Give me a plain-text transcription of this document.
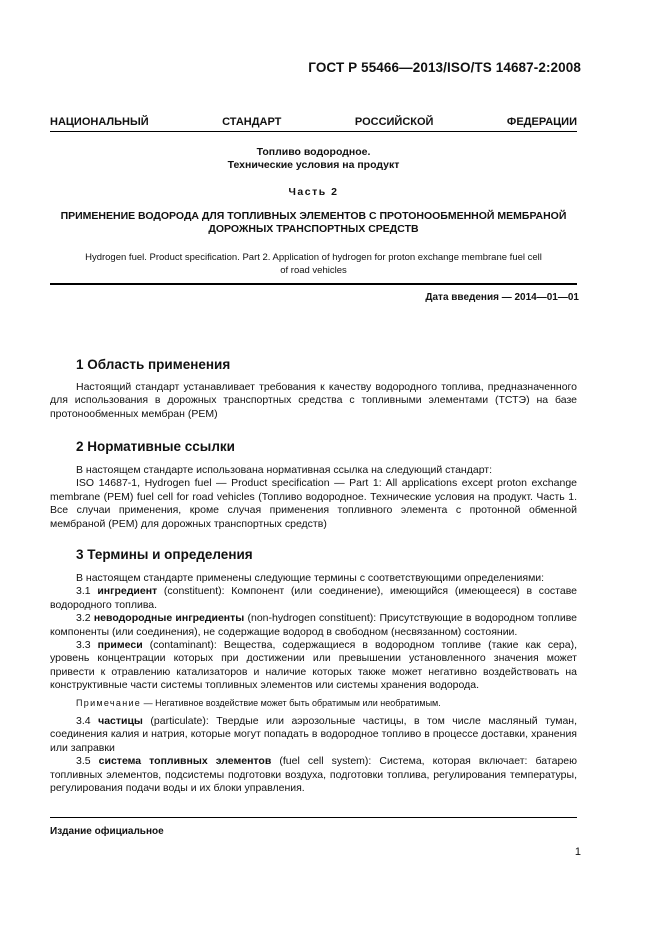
ГОСТ Р 55466—2013/ISO/TS 14687-2:2008
НАЦИОНАЛЬНЫЙ СТАНДАРТ РОССИЙСКОЙ ФЕДЕРАЦИИ
Топливо водородное.
Технические условия на продукт
Часть 2
ПРИМЕНЕНИЕ ВОДОРОДА ДЛЯ ТОПЛИВНЫХ ЭЛЕМЕНТОВ С ПРОТОНООБМЕННОЙ МЕМБРАНОЙ
ДОРОЖНЫХ ТРАНСПОРТНЫХ СРЕДСТВ
Hydrogen fuel. Product specification. Part 2. Application of hydrogen for proton exchange membrane fuel cell
of road vehicles
Дата введения — 2014—01—01
1 Область применения

Настоящий стандарт устанавливает требования к качеству водородного топлива, предназначенного для использования в дорожных транспортных средства с топливными элементами (ТСТЭ) на базе протонообменных мембран (PEM)

2 Нормативные ссылки

В настоящем стандарте использована нормативная ссылка на следующий стандарт:

ISO 14687-1, Hydrogen fuel — Product specification — Part 1: All applications except proton exchange membrane (PEM) fuel cell for road vehicles (Топливо водородное. Технические условия на продукт. Часть 1. Все случаи применения, кроме случая применения топливного элемента с протонной обменной мембраной (PEM) для дорожных транспортных средств)

3 Термины и определения

В настоящем стандарте применены следующие термины с соответствующими определениями:

3.1 ингредиент (constituent): Компонент (или соединение), имеющийся (имеющееся) в составе водородного топлива.

3.2 неводородные ингредиенты (non-hydrogen constituent): Присутствующие в водородном топливе компоненты (или соединения), не содержащие водород в свободном (несвязанном) состоянии.

3.3 примеси (contaminant): Вещества, содержащиеся в водородном топливе (такие как сера), уровень концентрации которых при достижении или превышении установленного значения может привести к отравлению катализаторов и наличие которых также может негативно воздействовать на конструктивные части системы топливных элементов или системы хранения водорода.

Примечание — Негативное воздействие может быть обратимым или необратимым.

3.4 частицы (particulate): Твердые или аэрозольные частицы, в том числе масляный туман, соединения калия и натрия, которые могут попадать в водородное топливо в процессе доставки, хранения или заправки

3.5 система топливных элементов (fuel cell system): Система, которая включает: батарею топливных элементов, подсистемы подготовки воздуха, подготовки топлива, регулирования температуры, регулирования подачи воды и их блоки управления.

Издание официальное
1
